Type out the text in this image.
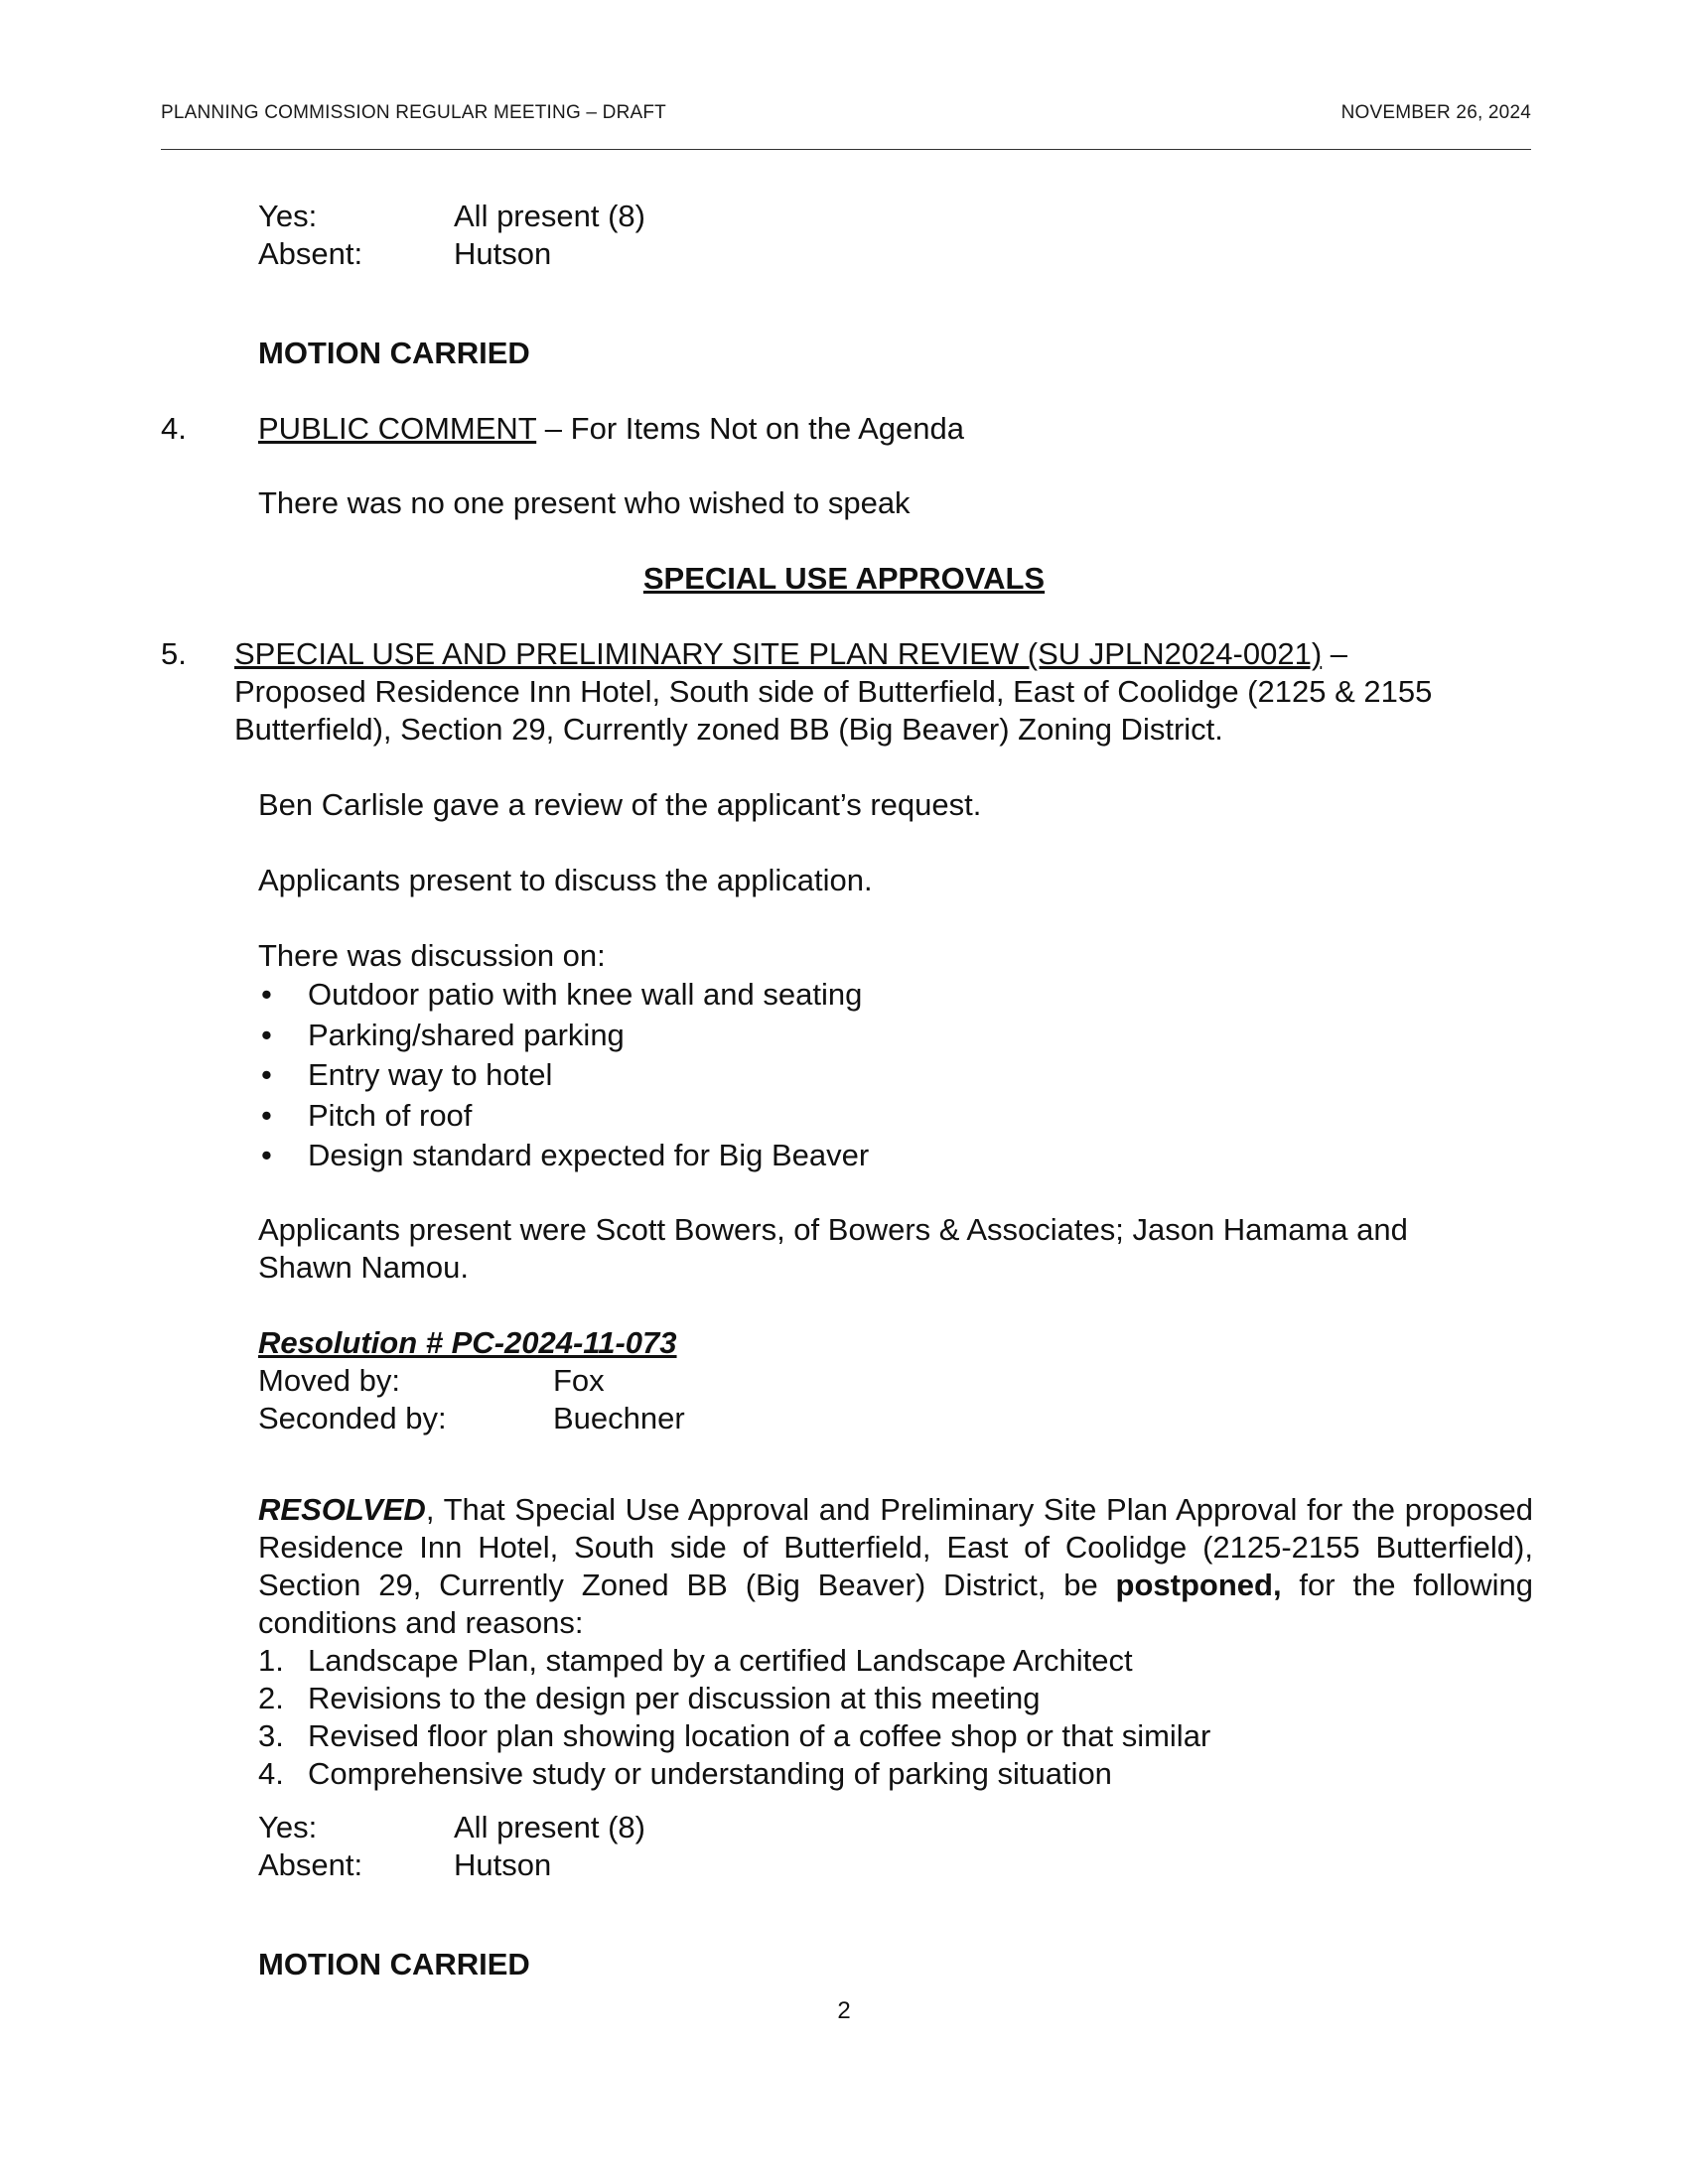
PLANNING COMMISSION REGULAR MEETING – DRAFT	NOVEMBER 26, 2024
Yes:	All present (8)
Absent:	Hutson
MOTION CARRIED
4. PUBLIC COMMENT – For Items Not on the Agenda
There was no one present who wished to speak
SPECIAL USE APPROVALS
5. SPECIAL USE AND PRELIMINARY SITE PLAN REVIEW (SU JPLN2024-0021) –
Proposed Residence Inn Hotel, South side of Butterfield, East of Coolidge (2125 & 2155
Butterfield), Section 29, Currently zoned BB (Big Beaver) Zoning District.
Ben Carlisle gave a review of the applicant’s request.
Applicants present to discuss the application.
There was discussion on:
• Outdoor patio with knee wall and seating
• Parking/shared parking
• Entry way to hotel
• Pitch of roof
• Design standard expected for Big Beaver
Applicants present were Scott Bowers, of Bowers & Associates; Jason Hamama and
Shawn Namou.
Resolution # PC-2024-11-073
Moved by:	Fox
Seconded by:	Buechner
RESOLVED, That Special Use Approval and Preliminary Site Plan Approval for the proposed Residence Inn Hotel, South side of Butterfield, East of Coolidge (2125-2155 Butterfield), Section 29, Currently Zoned BB (Big Beaver) District, be postponed, for the following conditions and reasons:
1. Landscape Plan, stamped by a certified Landscape Architect
2. Revisions to the design per discussion at this meeting
3. Revised floor plan showing location of a coffee shop or that similar
4. Comprehensive study or understanding of parking situation
Yes:	All present (8)
Absent:	Hutson
MOTION CARRIED
2
